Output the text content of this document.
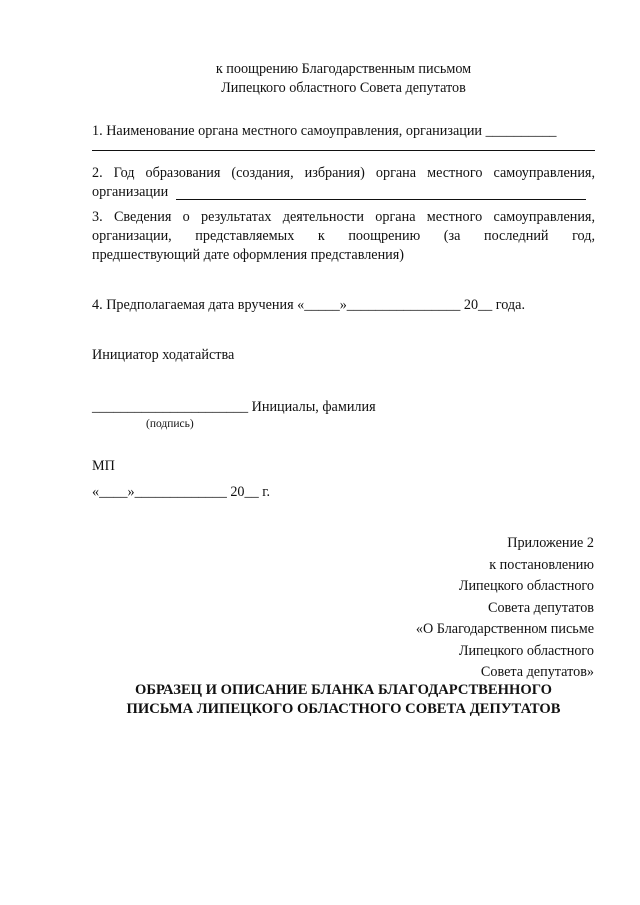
к поощрению Благодарственным письмом
Липецкого областного Совета депутатов
1. Наименование органа местного самоуправления, организации __________
2. Год образования (создания, избрания) органа местного самоуправления,
организации
3. Сведения о результатах деятельности органа местного самоуправления,
организации, представляемых к поощрению (за последний год,
предшествующий дате оформления представления)
4. Предполагаемая дата вручения «_____»________________ 20__ года.
Инициатор ходатайства
______________________ Инициалы, фамилия
(подпись)
МП
«____»_____________ 20__ г.
Приложение 2
к постановлению
Липецкого областного
Совета депутатов
«О Благодарственном письме
Липецкого областного
Совета депутатов»
ОБРАЗЕЦ И ОПИСАНИЕ БЛАНКА БЛАГОДАРСТВЕННОГО
ПИСЬМА ЛИПЕЦКОГО ОБЛАСТНОГО СОВЕТА ДЕПУТАТОВ
